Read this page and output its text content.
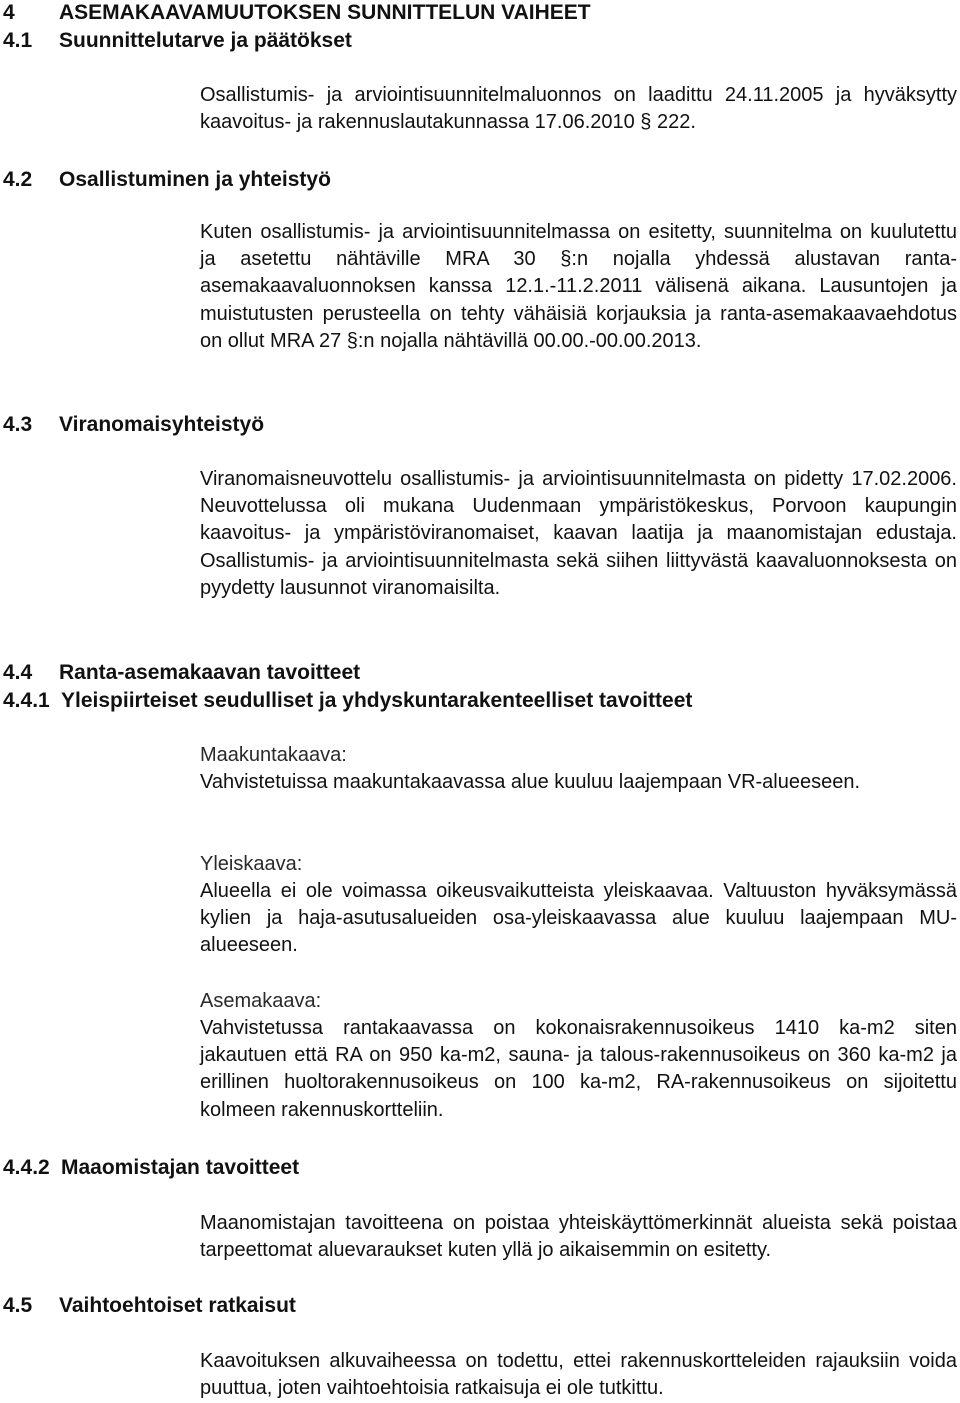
4 ASEMAKAAVAMUUTOKSEN SUNNITTELUN VAIHEET
4.1 Suunnittelutarve ja päätökset

Osallistumis- ja arviointisuunnitelmaluonnos on laadittu 24.11.2005 ja hyväksytty kaavoitus- ja rakennuslautakunnassa 17.06.2010 § 222.

4.2 Osallistuminen ja yhteistyö

Kuten osallistumis- ja arviointisuunnitelmassa on esitetty, suunnitelma on kuulutettu ja asetettu nähtäville MRA 30 §:n nojalla yhdessä alustavan ranta-asemakaavaluonnoksen kanssa 12.1.-11.2.2011 välisenä aikana. Lausuntojen ja muistutusten perusteella on tehty vähäisiä korjauksia ja ranta-asemakaavaehdotus on ollut MRA 27 §:n nojalla nähtävillä 00.00.-00.00.2013.

4.3 Viranomaisyhteistyö

Viranomaisneuvottelu osallistumis- ja arviointisuunnitelmasta on pidetty 17.02.2006. Neuvottelussa oli mukana Uudenmaan ympäristökeskus, Porvoon kaupungin kaavoitus- ja ympäristöviranomaiset, kaavan laatija ja maanomistajan edustaja. Osallistumis- ja arviointisuunnitelmasta sekä siihen liittyvästä kaavaluonnoksesta on pyydetty lausunnot viranomaisilta.

4.4 Ranta-asemakaavan tavoitteet
4.4.1 Yleispiirteiset seudulliset ja yhdyskuntarakenteelliset tavoitteet

Maakuntakaava:

Vahvistetuissa maakuntakaavassa alue kuuluu laajempaan VR-alueeseen.

Yleiskaava:

Alueella ei ole voimassa oikeusvaikutteista yleiskaavaa. Valtuuston hyväksymässä kylien ja haja-asutusalueiden osa-yleiskaavassa alue kuuluu laajempaan MU-alueeseen.

Asemakaava:

Vahvistetussa rantakaavassa on kokonaisrakennusoikeus 1410 ka-m2 siten jakautuen että RA on 950 ka-m2, sauna- ja talous-rakennusoikeus on 360 ka-m2 ja erillinen huoltorakennusoikeus on 100 ka-m2, RA-rakennusoikeus on sijoitettu kolmeen rakennuskortteliin.

4.4.2 Maaomistajan tavoitteet

Maanomistajan tavoitteena on poistaa yhteiskäyttömerkinnät alueista sekä poistaa tarpeettomat aluevaraukset kuten yllä jo aikaisemmin on esitetty.

4.5 Vaihtoehtoiset ratkaisut

Kaavoituksen alkuvaiheessa on todettu, ettei rakennuskortteleiden rajauksiin voida puuttua, joten vaihtoehtoisia ratkaisuja ei ole tutkittu.
